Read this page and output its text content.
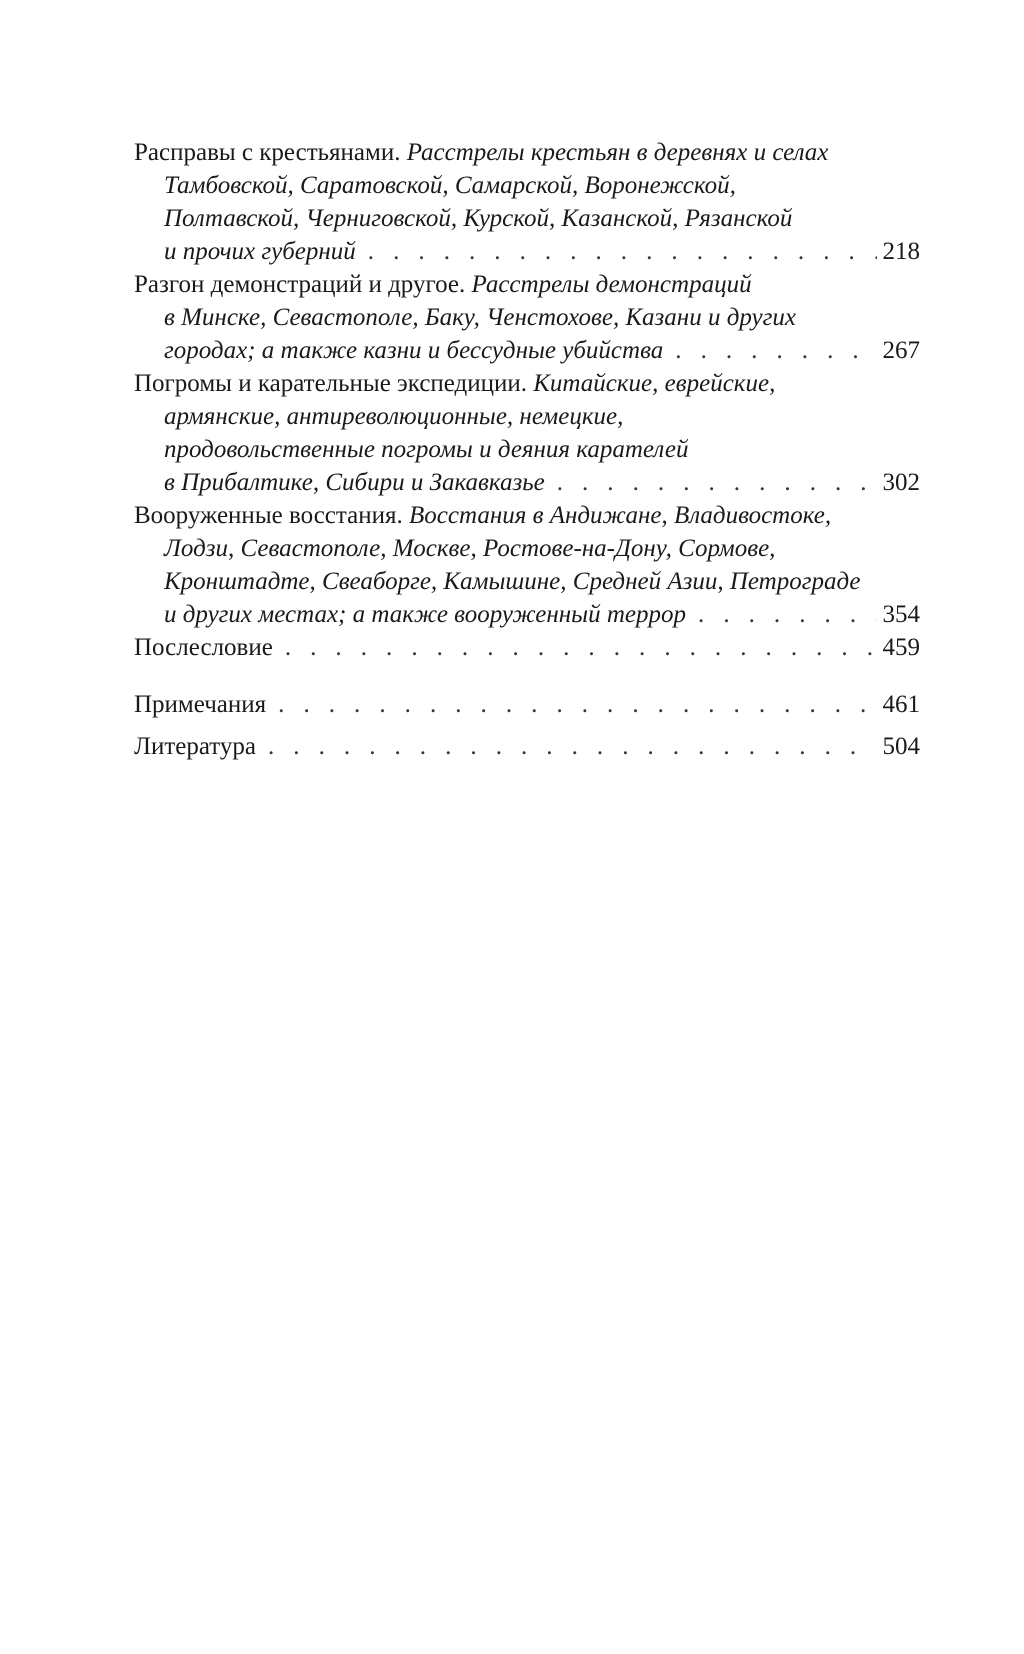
Расправы с крестьянами. Расстрелы крестьян в деревнях и селах
Тамбовской, Саратовской, Самарской, Воронежской,
Полтавской, Черниговской, Курской, Казанской, Рязанской
и прочих губерний . . .	218
Разгон демонстраций и другое. Расстрелы демонстраций
в Минске, Севастополе, Баку, Ченстохове, Казани и других
городах; а также казни и бессудные убийства . . .	267
Погромы и карательные экспедиции. Китайские, еврейские,
армянские, антиреволюционные, немецкие,
продовольственные погромы и деяния карателей
в Прибалтике, Сибири и Закавказье . . .	302
Вооруженные восстания. Восстания в Андижане, Владивостоке,
Лодзи, Севастополе, Москве, Ростове-на-Дону, Сормове,
Кронштадте, Свеаборге, Камышине, Средней Азии, Петрограде
и других местах; а также вооруженный террор . . .	354
Послесловие . . .	459
Примечания . . .	461
Литература . . .	504
